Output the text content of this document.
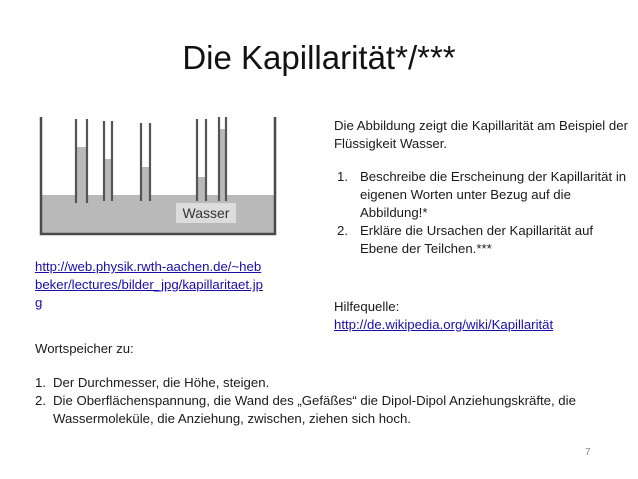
Die Kapillarität*/***
Wasser

Die Abbildung zeigt die Kapillarität am Beispiel der Flüssigkeit Wasser.

1. Beschreibe die Erscheinung der Kapillarität in eigenen Worten unter Bezug auf die Abbildung!*
2. Erkläre die Ursachen der Kapillarität auf Ebene der Teilchen.***
http://web.physik.rwth-aachen.de/~hebbeker/lectures/bilder_jpg/kapillaritaet.jpg	Hilfequelle:
http://de.wikipedia.org/wiki/Kapillarität
Wortspeicher zu:
1. Der Durchmesser, die Höhe, steigen.
2. Die Oberflächenspannung, die Wand des „Gefäßes“ die Dipol-Dipol Anziehungskräfte, die Wassermoleküle, die Anziehung, zwischen, ziehen sich hoch.
7
